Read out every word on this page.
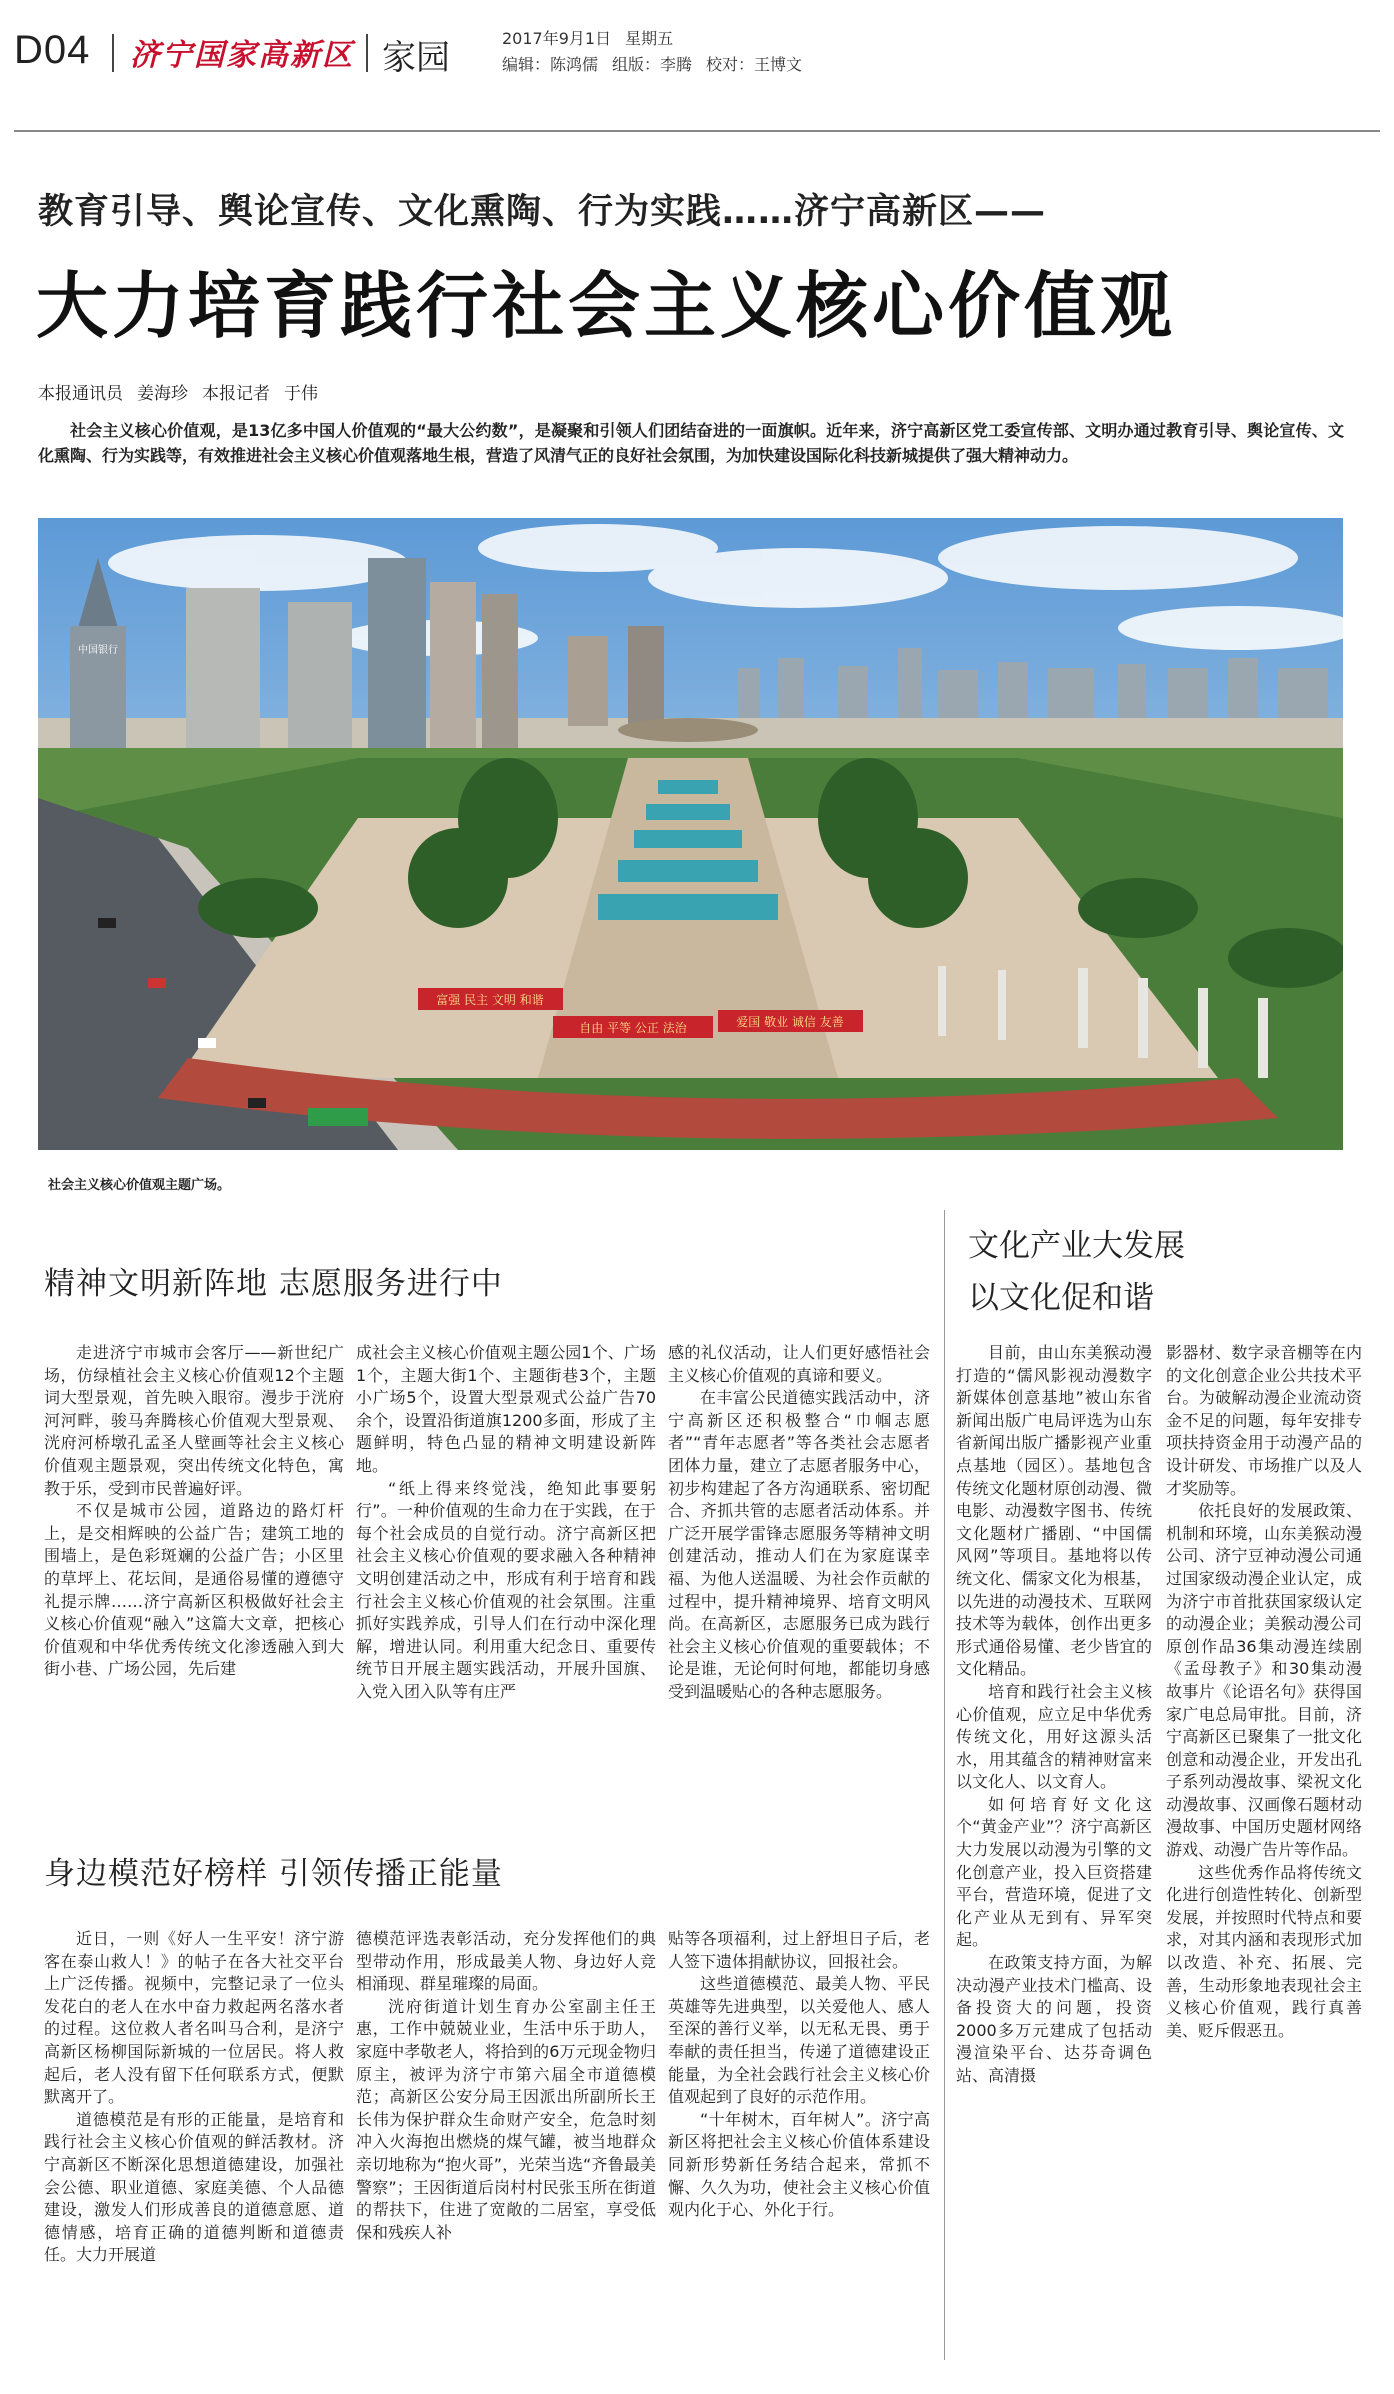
D04 济宁国家高新区 家园	2017年9月1日 星期五
编辑：陈鸿儒 组版：李腾 校对：王博文
教育引导、舆论宣传、文化熏陶、行为实践……济宁高新区——
大力培育践行社会主义核心价值观
本报通讯员 姜海珍 本报记者 于伟
社会主义核心价值观，是13亿多中国人价值观的“最大公约数”，是凝聚和引领人们团结奋进的一面旗帜。近年来，济宁高新区党工委宣传部、文明办通过教育引导、舆论宣传、文化熏陶、行为实践等，有效推进社会主义核心价值观落地生根，营造了风清气正的良好社会氛围，为加快建设国际化科技新城提供了强大精神动力。
中国银行
富强 民主 文明 和谐
自由 平等 公正 法治	爱国 敬业 诚信 友善
社会主义核心价值观主题广场。
精神文明新阵地 志愿服务进行中

走进济宁市城市会客厅——新世纪广场，仿绿植社会主义核心价值观12个主题词大型景观，首先映入眼帘。漫步于洸府河河畔，骏马奔腾核心价值观大型景观、洸府河桥墩孔孟圣人壁画等社会主义核心价值观主题景观，突出传统文化特色，寓教于乐，受到市民普遍好评。

不仅是城市公园，道路边的路灯杆上，是交相辉映的公益广告；建筑工地的围墙上，是色彩斑斓的公益广告；小区里的草坪上、花坛间，是通俗易懂的遵德守礼提示牌……济宁高新区积极做好社会主义核心价值观“融入”这篇大文章，把核心价值观和中华优秀传统文化渗透融入到大街小巷、广场公园，先后建

成社会主义核心价值观主题公园1个、广场1个，主题大街1个、主题街巷3个，主题小广场5个，设置大型景观式公益广告70余个，设置沿街道旗1200多面，形成了主题鲜明，特色凸显的精神文明建设新阵地。

“纸上得来终觉浅，绝知此事要躬行”。一种价值观的生命力在于实践，在于每个社会成员的自觉行动。济宁高新区把社会主义核心价值观的要求融入各种精神文明创建活动之中，形成有利于培育和践行社会主义核心价值观的社会氛围。注重抓好实践养成，引导人们在行动中深化理解，增进认同。利用重大纪念日、重要传统节日开展主题实践活动，开展升国旗、入党入团入队等有庄严

感的礼仪活动，让人们更好感悟社会主义核心价值观的真谛和要义。

在丰富公民道德实践活动中，济宁高新区还积极整合“巾帼志愿者”“青年志愿者”等各类社会志愿者团体力量，建立了志愿者服务中心，初步构建起了各方沟通联系、密切配合、齐抓共管的志愿者活动体系。并广泛开展学雷锋志愿服务等精神文明创建活动，推动人们在为家庭谋幸福、为他人送温暖、为社会作贡献的过程中，提升精神境界、培育文明风尚。在高新区，志愿服务已成为践行社会主义核心价值观的重要载体；不论是谁，无论何时何地，都能切身感受到温暖贴心的各种志愿服务。

身边模范好榜样 引领传播正能量

近日，一则《好人一生平安！济宁游客在泰山救人！》的帖子在各大社交平台上广泛传播。视频中，完整记录了一位头发花白的老人在水中奋力救起两名落水者的过程。这位救人者名叫马合利，是济宁高新区杨柳国际新城的一位居民。将人救起后，老人没有留下任何联系方式，便默默离开了。

道德模范是有形的正能量，是培育和践行社会主义核心价值观的鲜活教材。济宁高新区不断深化思想道德建设，加强社会公德、职业道德、家庭美德、个人品德建设，激发人们形成善良的道德意愿、道德情感，培育正确的道德判断和道德责任。大力开展道

德模范评选表彰活动，充分发挥他们的典型带动作用，形成最美人物、身边好人竞相涌现、群星璀璨的局面。

洸府街道计划生育办公室副主任王惠，工作中兢兢业业，生活中乐于助人，家庭中孝敬老人，将拾到的6万元现金物归原主，被评为济宁市第六届全市道德模范；高新区公安分局王因派出所副所长王长伟为保护群众生命财产安全，危急时刻冲入火海抱出燃烧的煤气罐，被当地群众亲切地称为“抱火哥”，光荣当选“齐鲁最美警察”；王因街道后岗村村民张玉所在街道的帮扶下，住进了宽敞的二居室，享受低保和残疾人补

贴等各项福利，过上舒坦日子后，老人签下遗体捐献协议，回报社会。

这些道德模范、最美人物、平民英雄等先进典型，以关爱他人、感人至深的善行义举，以无私无畏、勇于奉献的责任担当，传递了道德建设正能量，为全社会践行社会主义核心价值观起到了良好的示范作用。

“十年树木，百年树人”。济宁高新区将把社会主义核心价值体系建设同新形势新任务结合起来，常抓不懈、久久为功，使社会主义核心价值观内化于心、外化于行。

文化产业大发展
以文化促和谐

目前，由山东美猴动漫打造的“儒风影视动漫数字新媒体创意基地”被山东省新闻出版广电局评选为山东省新闻出版广播影视产业重点基地（园区）。基地包含传统文化题材原创动漫、微电影、动漫数字图书、传统文化题材广播剧、“中国儒风网”等项目。基地将以传统文化、儒家文化为根基，以先进的动漫技术、互联网技术等为载体，创作出更多形式通俗易懂、老少皆宜的文化精品。

培育和践行社会主义核心价值观，应立足中华优秀传统文化，用好这源头活水，用其蕴含的精神财富来以文化人、以文育人。

如何培育好文化这个“黄金产业”？济宁高新区大力发展以动漫为引擎的文化创意产业，投入巨资搭建平台，营造环境，促进了文化产业从无到有、异军突起。

在政策支持方面，为解决动漫产业技术门槛高、设备投资大的问题，投资2000多万元建成了包括动漫渲染平台、达芬奇调色站、高清摄

影器材、数字录音棚等在内的文化创意企业公共技术平台。为破解动漫企业流动资金不足的问题，每年安排专项扶持资金用于动漫产品的设计研发、市场推广以及人才奖励等。

依托良好的发展政策、机制和环境，山东美猴动漫公司、济宁豆神动漫公司通过国家级动漫企业认定，成为济宁市首批获国家级认定的动漫企业；美猴动漫公司原创作品36集动漫连续剧《孟母教子》和30集动漫故事片《论语名句》获得国家广电总局审批。目前，济宁高新区已聚集了一批文化创意和动漫企业，开发出孔子系列动漫故事、梁祝文化动漫故事、汉画像石题材动漫故事、中国历史题材网络游戏、动漫广告片等作品。

这些优秀作品将传统文化进行创造性转化、创新型发展，并按照时代特点和要求，对其内涵和表现形式加以改造、补充、拓展、完善，生动形象地表现社会主义核心价值观，践行真善美、贬斥假恶丑。
